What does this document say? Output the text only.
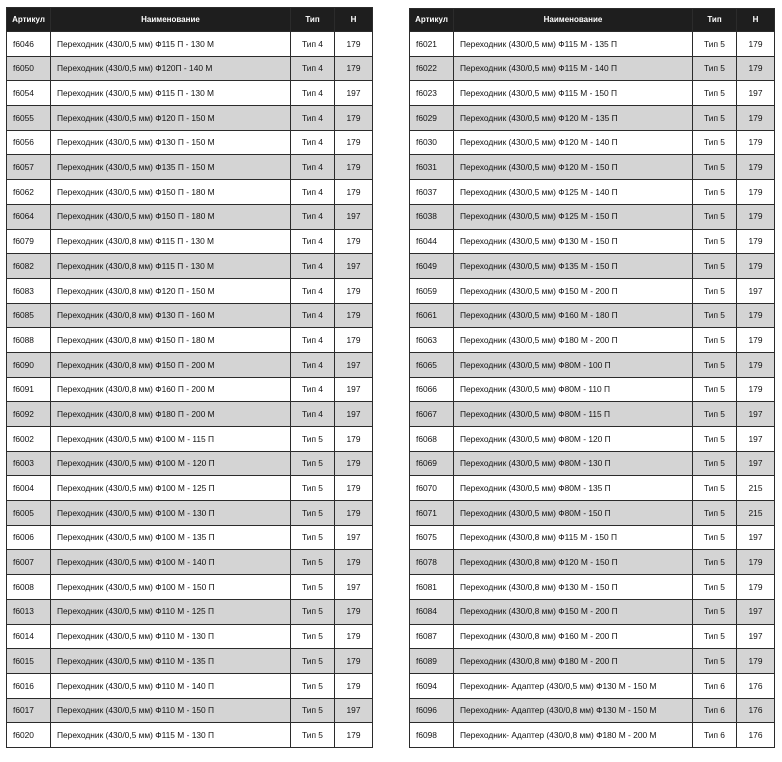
Артикул	Наименование	Тип	Н
f6046	Переходник (430/0,5 мм) Ф115 П - 130 М	Тип 4	179
f6050	Переходник (430/0,5 мм) Ф120П - 140 М	Тип 4	179
f6054	Переходник (430/0,5 мм) Ф115 П - 130 М	Тип 4	197
f6055	Переходник (430/0,5 мм) Ф120 П - 150 М	Тип 4	179
f6056	Переходник (430/0,5 мм) Ф130 П - 150 М	Тип 4	179
f6057	Переходник (430/0,5 мм) Ф135 П - 150 М	Тип 4	179
f6062	Переходник (430/0,5 мм) Ф150 П - 180 М	Тип 4	179
f6064	Переходник (430/0,5 мм) Ф150 П - 180 М	Тип 4	197
f6079	Переходник (430/0,8 мм) Ф115 П - 130 М	Тип 4	179
f6082	Переходник (430/0,8 мм) Ф115 П - 130 М	Тип 4	197
f6083	Переходник (430/0,8 мм) Ф120 П - 150 М	Тип 4	179
f6085	Переходник (430/0,8 мм) Ф130 П - 160 М	Тип 4	179
f6088	Переходник (430/0,8 мм) Ф150 П - 180 М	Тип 4	179
f6090	Переходник (430/0,8 мм) Ф150 П - 200 М	Тип 4	197
f6091	Переходник (430/0,8 мм) Ф160 П - 200 М	Тип 4	197
f6092	Переходник (430/0,8 мм) Ф180 П - 200 М	Тип 4	197
f6002	Переходник (430/0,5 мм) Ф100 М - 115 П	Тип 5	179
f6003	Переходник (430/0,5 мм) Ф100 М - 120 П	Тип 5	179
f6004	Переходник (430/0,5 мм) Ф100 М - 125 П	Тип 5	179
f6005	Переходник (430/0,5 мм) Ф100 М - 130 П	Тип 5	179
f6006	Переходник (430/0,5 мм) Ф100 М - 135 П	Тип 5	197
f6007	Переходник (430/0,5 мм) Ф100 М - 140 П	Тип 5	179
f6008	Переходник (430/0,5 мм) Ф100 М - 150 П	Тип 5	197
f6013	Переходник (430/0,5 мм) Ф110 М - 125 П	Тип 5	179
f6014	Переходник (430/0,5 мм) Ф110 М - 130 П	Тип 5	179
f6015	Переходник (430/0,5 мм) Ф110 М - 135 П	Тип 5	179
f6016	Переходник (430/0,5 мм) Ф110 М - 140 П	Тип 5	179
f6017	Переходник (430/0,5 мм) Ф110 М - 150 П	Тип 5	197
f6020	Переходник (430/0,5 мм) Ф115 М - 130 П	Тип 5	179
Артикул	Наименование	Тип	Н
f6021	Переходник (430/0,5 мм) Ф115 М - 135 П	Тип 5	179
f6022	Переходник (430/0,5 мм) Ф115 М - 140 П	Тип 5	179
f6023	Переходник (430/0,5 мм) Ф115 М - 150 П	Тип 5	197
f6029	Переходник (430/0,5 мм) Ф120 М - 135 П	Тип 5	179
f6030	Переходник (430/0,5 мм) Ф120 М - 140 П	Тип 5	179
f6031	Переходник (430/0,5 мм) Ф120 М - 150 П	Тип 5	179
f6037	Переходник (430/0,5 мм) Ф125 М - 140 П	Тип 5	179
f6038	Переходник (430/0,5 мм) Ф125 М - 150 П	Тип 5	179
f6044	Переходник (430/0,5 мм) Ф130 М - 150 П	Тип 5	179
f6049	Переходник (430/0,5 мм) Ф135 М - 150 П	Тип 5	179
f6059	Переходник (430/0,5 мм) Ф150 М - 200 П	Тип 5	197
f6061	Переходник (430/0,5 мм) Ф160 М - 180 П	Тип 5	179
f6063	Переходник (430/0,5 мм) Ф180 М - 200 П	Тип 5	179
f6065	Переходник (430/0,5 мм) Ф80М - 100 П	Тип 5	179
f6066	Переходник (430/0,5 мм) Ф80М - 110 П	Тип 5	179
f6067	Переходник (430/0,5 мм) Ф80М - 115 П	Тип 5	197
f6068	Переходник (430/0,5 мм) Ф80М - 120 П	Тип 5	197
f6069	Переходник (430/0,5 мм) Ф80М - 130 П	Тип 5	197
f6070	Переходник (430/0,5 мм) Ф80М - 135 П	Тип 5	215
f6071	Переходник (430/0,5 мм) Ф80М - 150 П	Тип 5	215
f6075	Переходник (430/0,8 мм) Ф115 М - 150 П	Тип 5	197
f6078	Переходник (430/0,8 мм) Ф120 М - 150 П	Тип 5	179
f6081	Переходник (430/0,8 мм) Ф130 М - 150 П	Тип 5	179
f6084	Переходник (430/0,8 мм) Ф150 М - 200 П	Тип 5	197
f6087	Переходник (430/0,8 мм) Ф160 М - 200 П	Тип 5	197
f6089	Переходник (430/0,8 мм) Ф180 М - 200 П	Тип 5	179
f6094	Переходник- Адаптер (430/0,5 мм) Ф130 М - 150 М	Тип 6	176
f6096	Переходник- Адаптер (430/0,8 мм) Ф130 М - 150 М	Тип 6	176
f6098	Переходник- Адаптер (430/0,8 мм) Ф180 М - 200 М	Тип 6	176
